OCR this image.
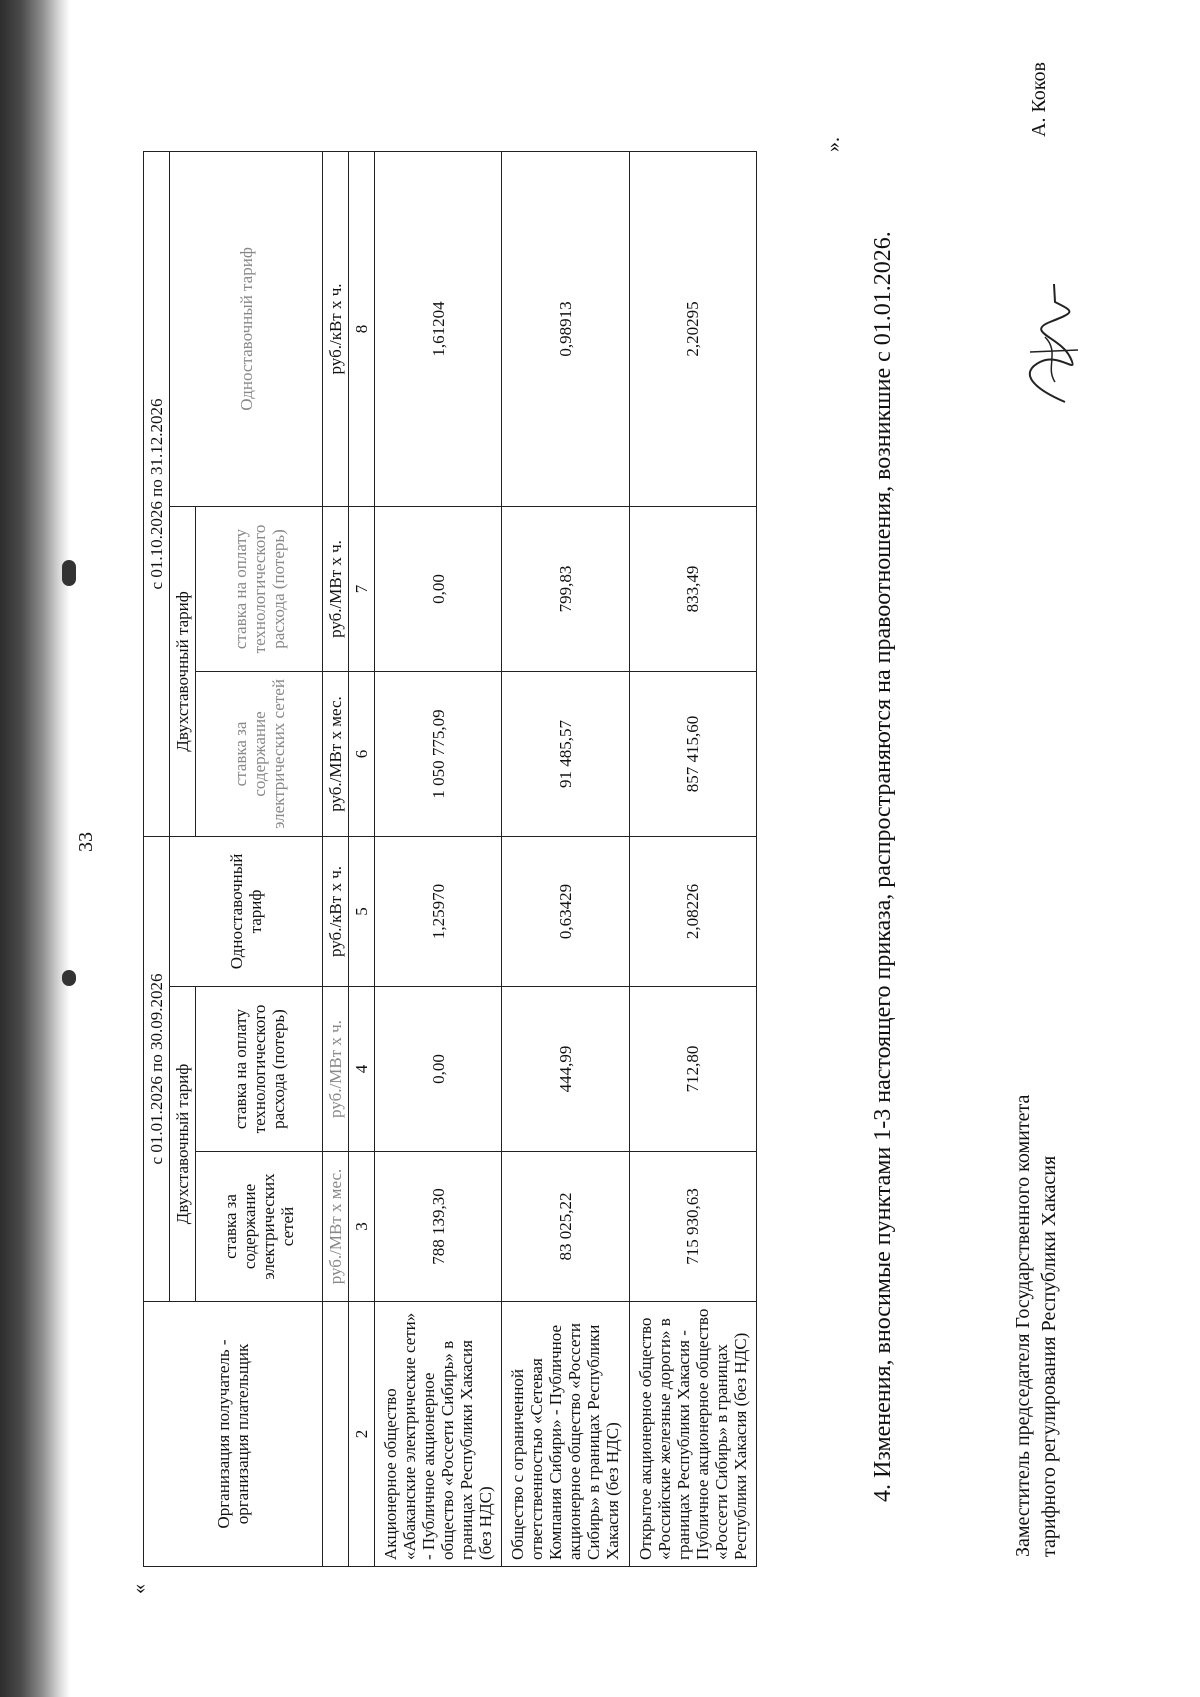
33
«
Организация получатель - организация плательщик	с 01.01.2026 по 30.09.2026			с 01.10.2026 по 31.12.2026		
	Двухставочный тариф		Одноставочный тариф	Двухставочный тариф		Одноставочный тариф
	ставка за содержание электрических сетей	ставка на оплату технологического расхода (потерь)		ставка за содержание электрических сетей	ставка на оплату технологического расхода (потерь)	
	руб./МВт х мес.	руб./МВт х ч.	руб./кВт х ч.	руб./МВт х мес.	руб./МВт х ч.	руб./кВт х ч.
2	3	4	5	6	7	8
Акционерное общество «Абаканские электрические сети» - Публичное акционерное общество «Россети Сибирь» в границах Республики Хакасия (без НДС)	788 139,30	0,00	1,25970	1 050 775,09	0,00	1,61204
Общество с ограниченной ответственностью «Сетевая Компания Сибири» - Публичное акционерное общество «Россети Сибирь» в границах Республики Хакасия (без НДС)	83 025,22	444,99	0,63429	91 485,57	799,83	0,98913
Открытое акционерное общество «Российские железные дороги» в границах Республики Хакасия - Публичное акционерное общество «Россети Сибирь» в границах Республики Хакасия (без НДС)	715 930,63	712,80	2,08226	857 415,60	833,49	2,20295
».
4. Изменения, вносимые пунктами 1-3 настоящего приказа, распространяются на правоотношения, возникшие с 01.01.2026.	Заместитель председателя Государственного комитета тарифного регулирования Республики Хакасия
А. Коков
